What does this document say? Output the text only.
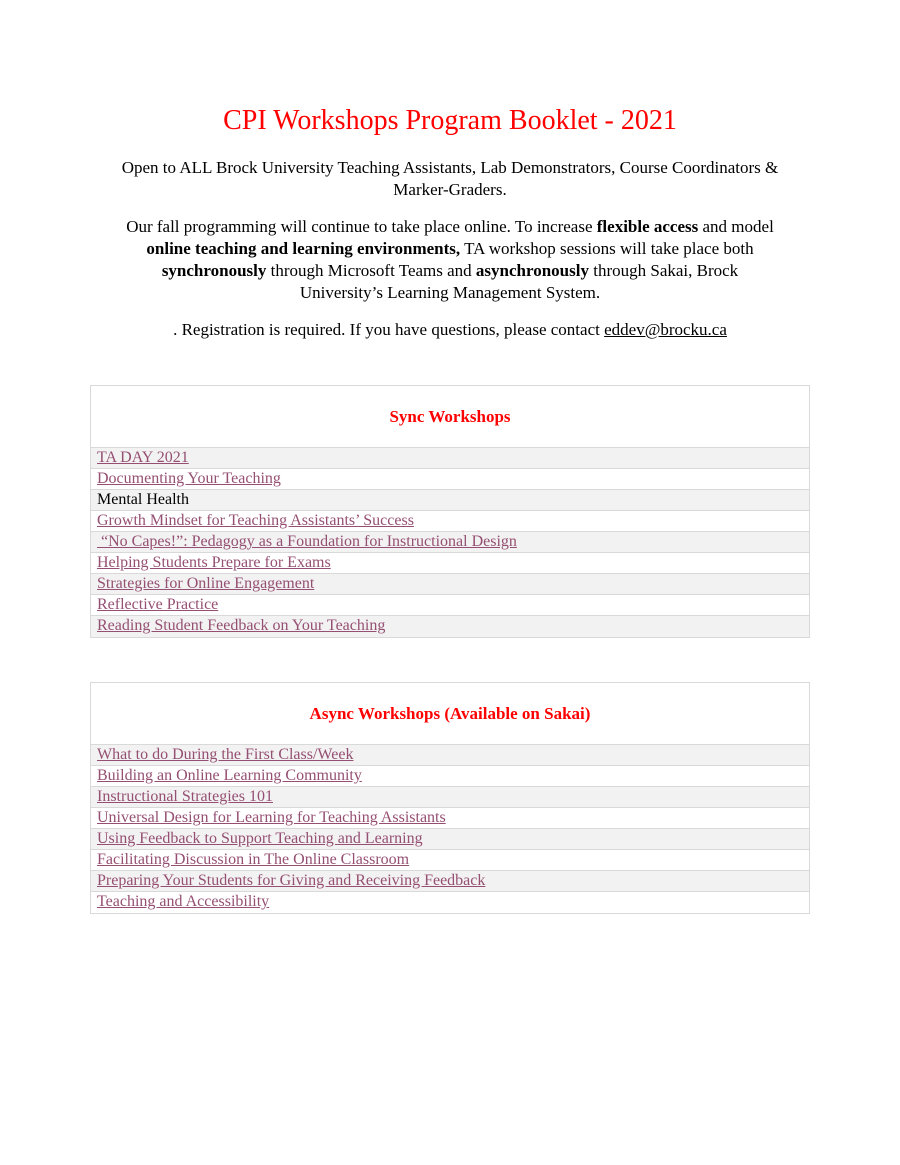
CPI Workshops Program Booklet - 2021

Open to ALL Brock University Teaching Assistants, Lab Demonstrators, Course Coordinators &
Marker-Graders.

Our fall programming will continue to take place online. To increase flexible access and model
online teaching and learning environments, TA workshop sessions will take place both
synchronously through Microsoft Teams and asynchronously through Sakai, Brock
University’s Learning Management System.

. Registration is required. If you have questions, please contact eddev@brocku.ca

Sync Workshops
TA DAY 2021
Documenting Your Teaching
Mental Health
Growth Mindset for Teaching Assistants’ Success
“No Capes!”: Pedagogy as a Foundation for Instructional Design
Helping Students Prepare for Exams
Strategies for Online Engagement
Reflective Practice
Reading Student Feedback on Your Teaching
Async Workshops (Available on Sakai)
What to do During the First Class/Week
Building an Online Learning Community
Instructional Strategies 101
Universal Design for Learning for Teaching Assistants
Using Feedback to Support Teaching and Learning
Facilitating Discussion in The Online Classroom
Preparing Your Students for Giving and Receiving Feedback
Teaching and Accessibility
